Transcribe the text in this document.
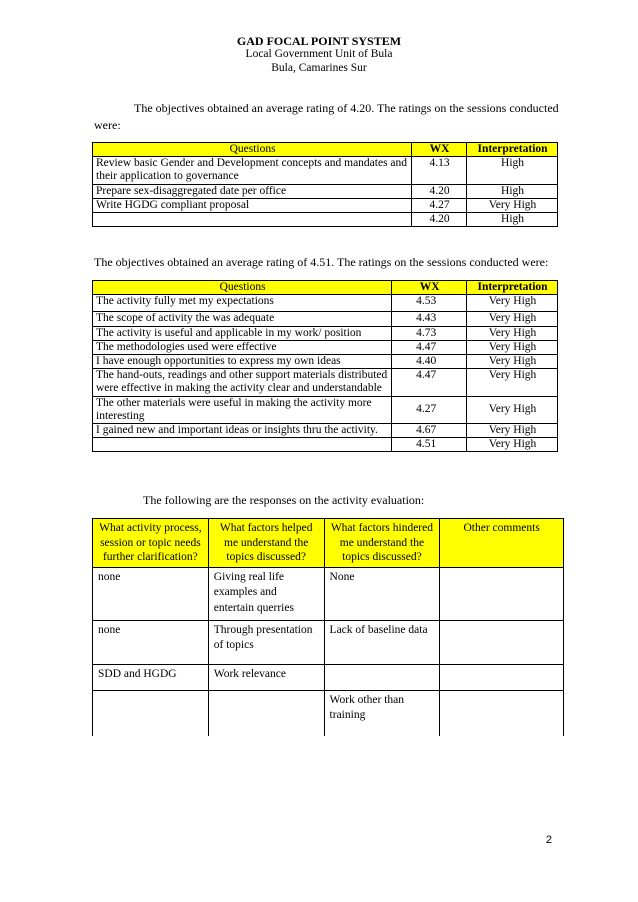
GAD FOCAL POINT SYSTEM
Local Government Unit of Bula
Bula, Camarines Sur
The objectives obtained an average rating of 4.20. The ratings on the sessions conducted were:
Questions	WX	Interpretation
Review basic Gender and Development concepts and mandates and their application to governance	4.13	High
Prepare sex-disaggregated date per office	4.20	High
Write HGDG compliant proposal	4.27	Very High
	4.20	High
The objectives obtained an average rating of 4.51. The ratings on the sessions conducted were:
Questions	WX	Interpretation
The activity fully met my expectations	4.53	Very High
The scope of activity the was adequate	4.43	Very High
The activity is useful and applicable in my work/ position	4.73	Very High
The methodologies used were effective	4.47	Very High
I have enough opportunities to express my own ideas	4.40	Very High
The hand-outs, readings and other support materials distributed were effective in making the activity clear and understandable	4.47	Very High
The other materials were useful in making the activity more interesting	4.27	Very High
I gained new and important ideas or insights thru the activity.	4.67	Very High
	4.51	Very High
The following are the responses on the activity evaluation:
What activity process, session or topic needs further clarification?	What factors helped me understand the topics discussed?	What factors hindered me understand the topics discussed?	Other comments
none	Giving real life examples and entertain querries	None	
none	Through presentation of topics	Lack of baseline data	
SDD and HGDG	Work relevance		
		Work other than training	
2
